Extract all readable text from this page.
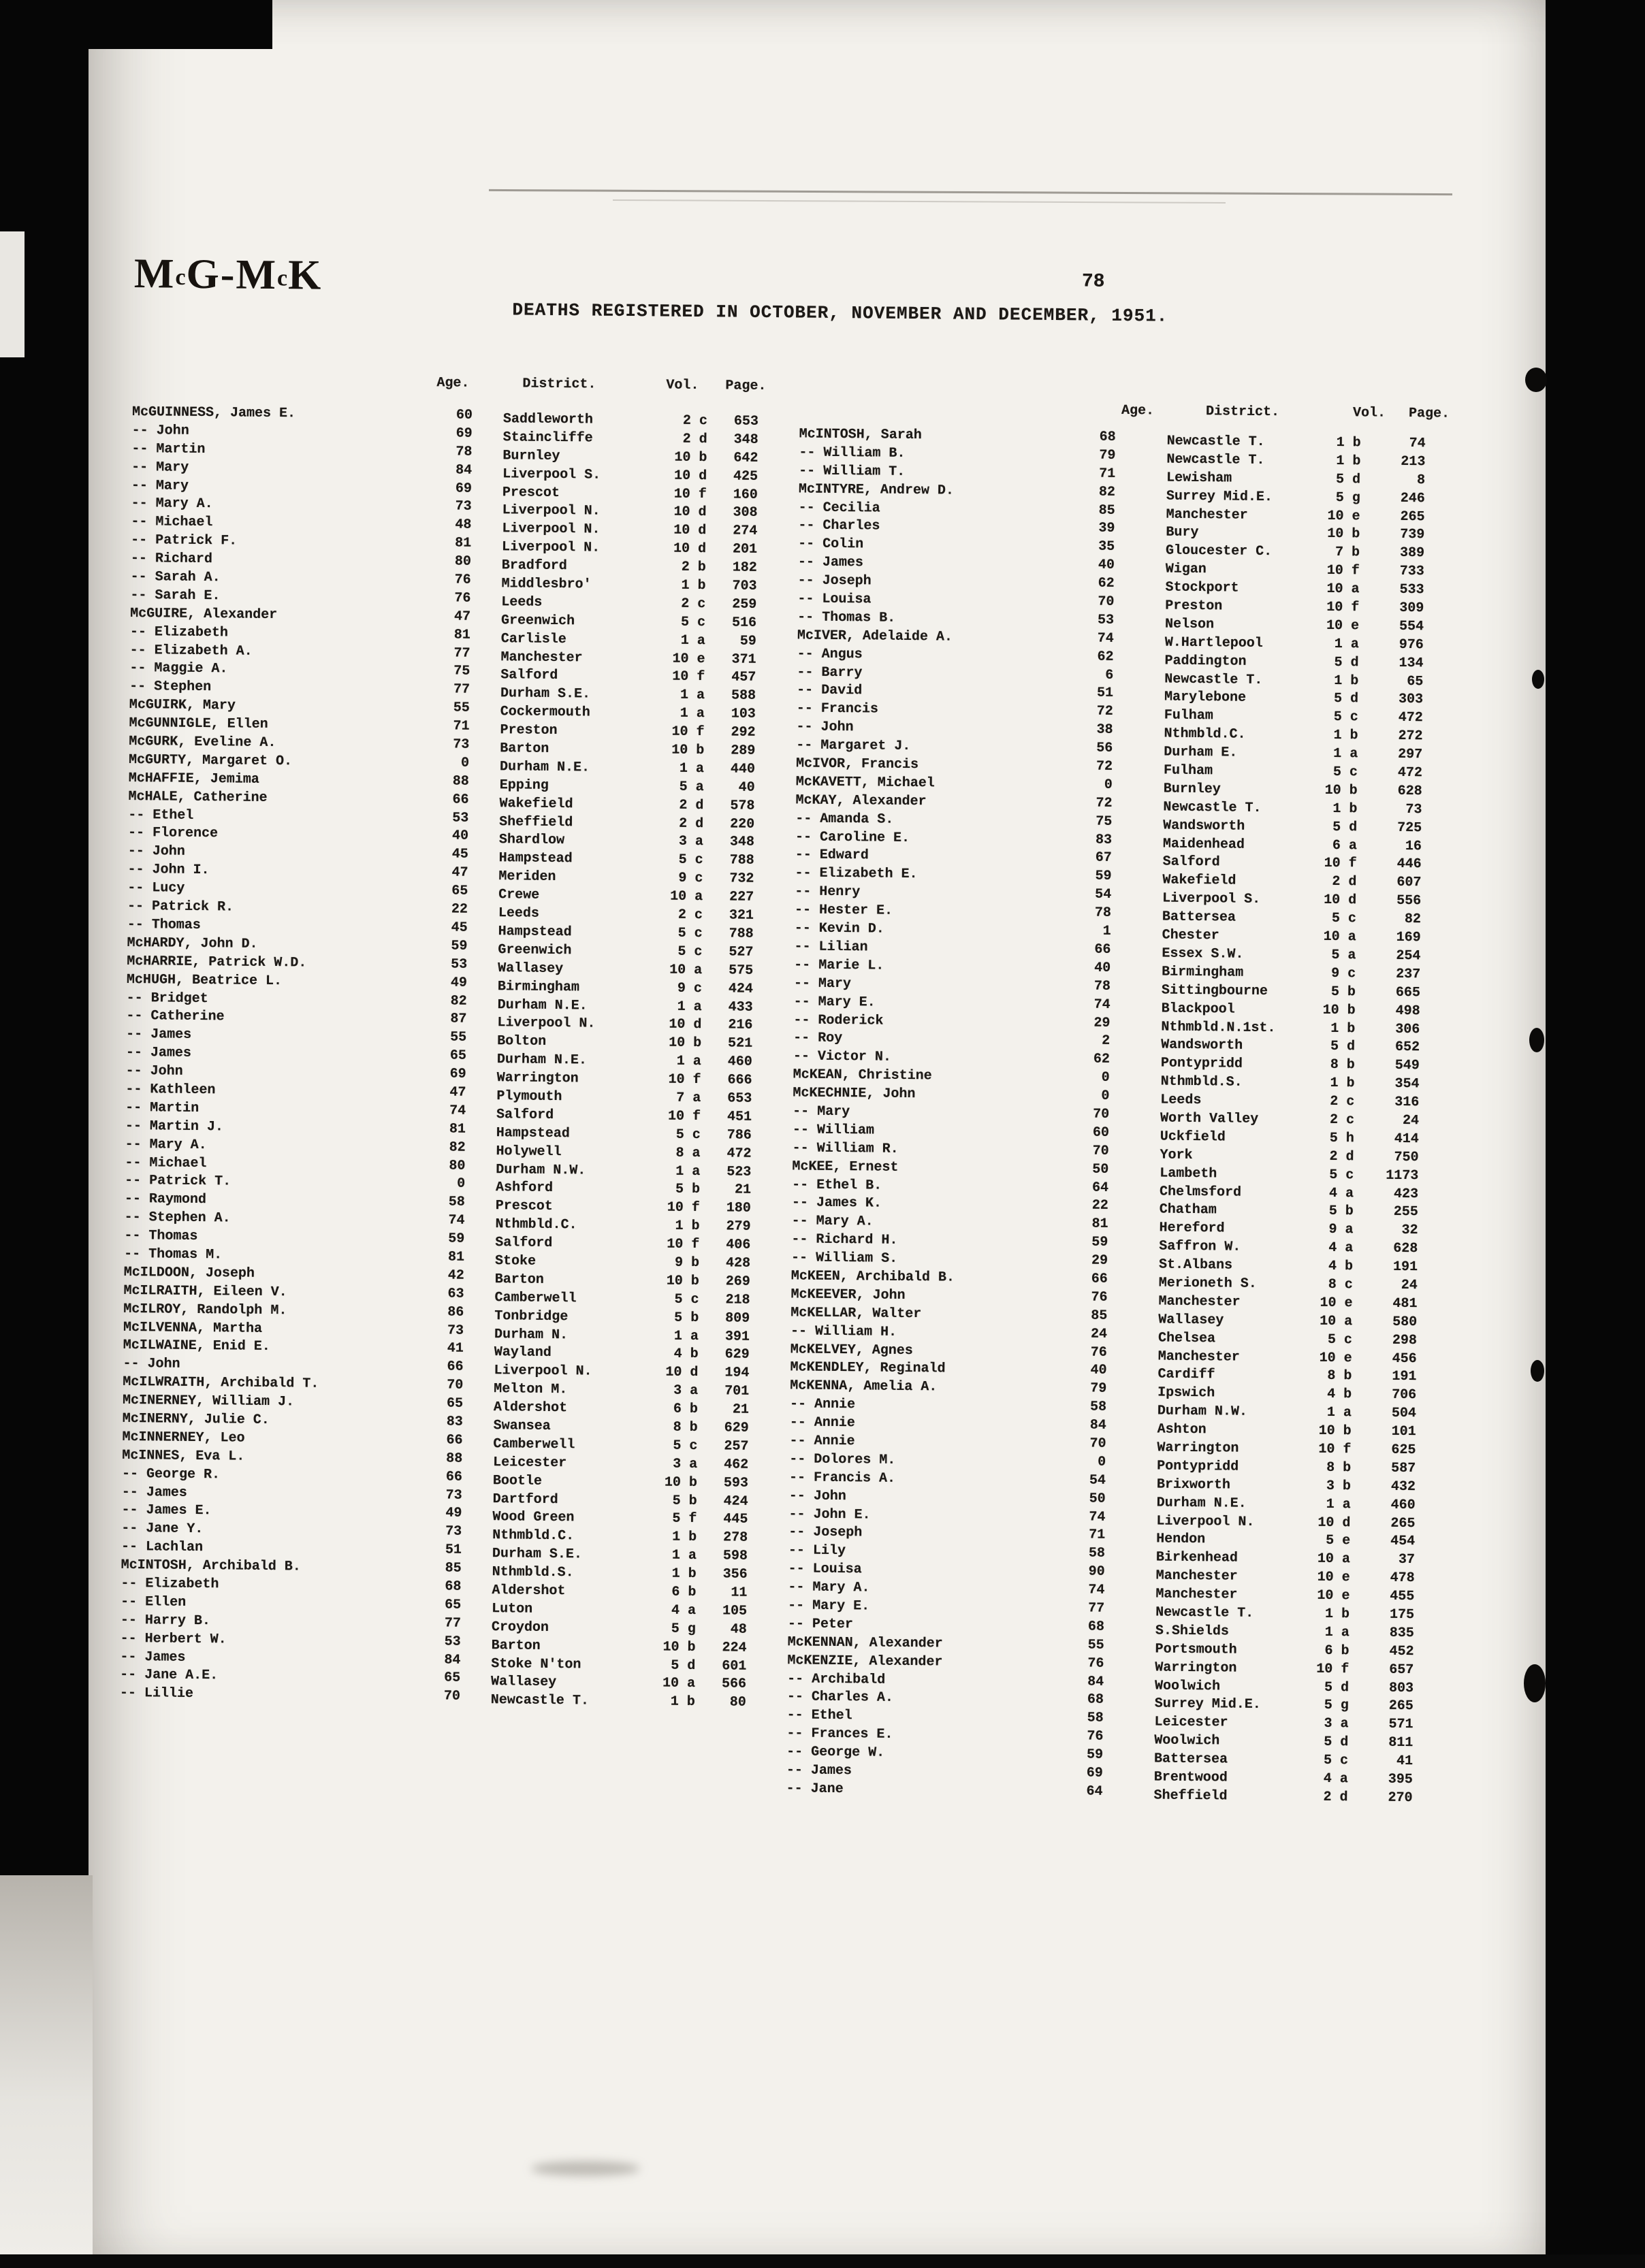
McG-McK	78
DEATHS REGISTERED IN OCTOBER, NOVEMBER AND DECEMBER, 1951.
Age.	District.	Vol. Page.
Age.	District.	Vol. Page.
McGUINNESS, James E.	60	Saddleworth	2 c	653
-- John	69	Staincliffe	2 d	348
-- Martin	78	Burnley	10 b	642
-- Mary	84	Liverpool S.	10 d	425
-- Mary	69	Prescot	10 f	160
-- Mary A.	73	Liverpool N.	10 d	308
-- Michael	48	Liverpool N.	10 d	274
-- Patrick F.	81	Liverpool N.	10 d	201
-- Richard	80	Bradford	2 b	182
-- Sarah A.	76	Middlesbro'	1 b	703
-- Sarah E.	76	Leeds	2 c	259
McGUIRE, Alexander	47	Greenwich	5 c	516
-- Elizabeth	81	Carlisle	1 a	59
-- Elizabeth A.	77	Manchester	10 e	371
-- Maggie A.	75	Salford	10 f	457
-- Stephen	77	Durham S.E.	1 a	588
McGUIRK, Mary	55	Cockermouth	1 a	103
McGUNNIGLE, Ellen	71	Preston	10 f	292
McGURK, Eveline A.	73	Barton	10 b	289
McGURTY, Margaret O.	0	Durham N.E.	1 a	440
McHAFFIE, Jemima	88	Epping	5 a	40
McHALE, Catherine	66	Wakefield	2 d	578
-- Ethel	53	Sheffield	2 d	220
-- Florence	40	Shardlow	3 a	348
-- John	45	Hampstead	5 c	788
-- John I.	47	Meriden	9 c	732
-- Lucy	65	Crewe	10 a	227
-- Patrick R.	22	Leeds	2 c	321
-- Thomas	45	Hampstead	5 c	788
McHARDY, John D.	59	Greenwich	5 c	527
McHARRIE, Patrick W.D.	53	Wallasey	10 a	575
McHUGH, Beatrice L.	49	Birmingham	9 c	424
-- Bridget	82	Durham N.E.	1 a	433
-- Catherine	87	Liverpool N.	10 d	216
-- James	55	Bolton	10 b	521
-- James	65	Durham N.E.	1 a	460
-- John	69	Warrington	10 f	666
-- Kathleen	47	Plymouth	7 a	653
-- Martin	74	Salford	10 f	451
-- Martin J.	81	Hampstead	5 c	786
-- Mary A.	82	Holywell	8 a	472
-- Michael	80	Durham N.W.	1 a	523
-- Patrick T.	0	Ashford	5 b	21
-- Raymond	58	Prescot	10 f	180
-- Stephen A.	74	Nthmbld.C.	1 b	279
-- Thomas	59	Salford	10 f	406
-- Thomas M.	81	Stoke	9 b	428
McILDOON, Joseph	42	Barton	10 b	269
McILRAITH, Eileen V.	63	Camberwell	5 c	218
McILROY, Randolph M.	86	Tonbridge	5 b	809
McILVENNA, Martha	73	Durham N.	1 a	391
McILWAINE, Enid E.	41	Wayland	4 b	629
-- John	66	Liverpool N.	10 d	194
McILWRAITH, Archibald T.	70	Melton M.	3 a	701
McINERNEY, William J.	65	Aldershot	6 b	21
McINERNY, Julie C.	83	Swansea	8 b	629
McINNERNEY, Leo	66	Camberwell	5 c	257
McINNES, Eva L.	88	Leicester	3 a	462
-- George R.	66	Bootle	10 b	593
-- James	73	Dartford	5 b	424
-- James E.	49	Wood Green	5 f	445
-- Jane Y.	73	Nthmbld.C.	1 b	278
-- Lachlan	51	Durham S.E.	1 a	598
McINTOSH, Archibald B.	85	Nthmbld.S.	1 b	356
-- Elizabeth	68	Aldershot	6 b	11
-- Ellen	65	Luton	4 a	105
-- Harry B.	77	Croydon	5 g	48
-- Herbert W.	53	Barton	10 b	224
-- James	84	Stoke N'ton	5 d	601
-- Jane A.E.	65	Wallasey	10 a	566
-- Lillie	70	Newcastle T.	1 b	80
McINTOSH, Sarah	68	Newcastle T.	1 b	74
-- William B.	79	Newcastle T.	1 b	213
-- William T.	71	Lewisham	5 d	8
McINTYRE, Andrew D.	82	Surrey Mid.E.	5 g	246
-- Cecilia	85	Manchester	10 e	265
-- Charles	39	Bury	10 b	739
-- Colin	35	Gloucester C.	7 b	389
-- James	40	Wigan	10 f	733
-- Joseph	62	Stockport	10 a	533
-- Louisa	70	Preston	10 f	309
-- Thomas B.	53	Nelson	10 e	554
McIVER, Adelaide A.	74	W.Hartlepool	1 a	976
-- Angus	62	Paddington	5 d	134
-- Barry	6	Newcastle T.	1 b	65
-- David	51	Marylebone	5 d	303
-- Francis	72	Fulham	5 c	472
-- John	38	Nthmbld.C.	1 b	272
-- Margaret J.	56	Durham E.	1 a	297
McIVOR, Francis	72	Fulham	5 c	472
McKAVETT, Michael	0	Burnley	10 b	628
McKAY, Alexander	72	Newcastle T.	1 b	73
-- Amanda S.	75	Wandsworth	5 d	725
-- Caroline E.	83	Maidenhead	6 a	16
-- Edward	67	Salford	10 f	446
-- Elizabeth E.	59	Wakefield	2 d	607
-- Henry	54	Liverpool S.	10 d	556
-- Hester E.	78	Battersea	5 c	82
-- Kevin D.	1	Chester	10 a	169
-- Lilian	66	Essex S.W.	5 a	254
-- Marie L.	40	Birmingham	9 c	237
-- Mary	78	Sittingbourne	5 b	665
-- Mary E.	74	Blackpool	10 b	498
-- Roderick	29	Nthmbld.N.1st.	1 b	306
-- Roy	2	Wandsworth	5 d	652
-- Victor N.	62	Pontypridd	8 b	549
McKEAN, Christine	0	Nthmbld.S.	1 b	354
McKECHNIE, John	0	Leeds	2 c	316
-- Mary	70	Worth Valley	2 c	24
-- William	60	Uckfield	5 h	414
-- William R.	70	York	2 d	750
McKEE, Ernest	50	Lambeth	5 c	1173
-- Ethel B.	64	Chelmsford	4 a	423
-- James K.	22	Chatham	5 b	255
-- Mary A.	81	Hereford	9 a	32
-- Richard H.	59	Saffron W.	4 a	628
-- William S.	29	St.Albans	4 b	191
McKEEN, Archibald B.	66	Merioneth S.	8 c	24
McKEEVER, John	76	Manchester	10 e	481
McKELLAR, Walter	85	Wallasey	10 a	580
-- William H.	24	Chelsea	5 c	298
McKELVEY, Agnes	76	Manchester	10 e	456
McKENDLEY, Reginald	40	Cardiff	8 b	191
McKENNA, Amelia A.	79	Ipswich	4 b	706
-- Annie	58	Durham N.W.	1 a	504
-- Annie	84	Ashton	10 b	101
-- Annie	70	Warrington	10 f	625
-- Dolores M.	0	Pontypridd	8 b	587
-- Francis A.	54	Brixworth	3 b	432
-- John	50	Durham N.E.	1 a	460
-- John E.	74	Liverpool N.	10 d	265
-- Joseph	71	Hendon	5 e	454
-- Lily	58	Birkenhead	10 a	37
-- Louisa	90	Manchester	10 e	478
-- Mary A.	74	Manchester	10 e	455
-- Mary E.	77	Newcastle T.	1 b	175
-- Peter	68	S.Shields	1 a	835
McKENNAN, Alexander	55	Portsmouth	6 b	452
McKENZIE, Alexander	76	Warrington	10 f	657
-- Archibald	84	Woolwich	5 d	803
-- Charles A.	68	Surrey Mid.E.	5 g	265
-- Ethel	58	Leicester	3 a	571
-- Frances E.	76	Woolwich	5 d	811
-- George W.	59	Battersea	5 c	41
-- James	69	Brentwood	4 a	395
-- Jane	64	Sheffield	2 d	270
